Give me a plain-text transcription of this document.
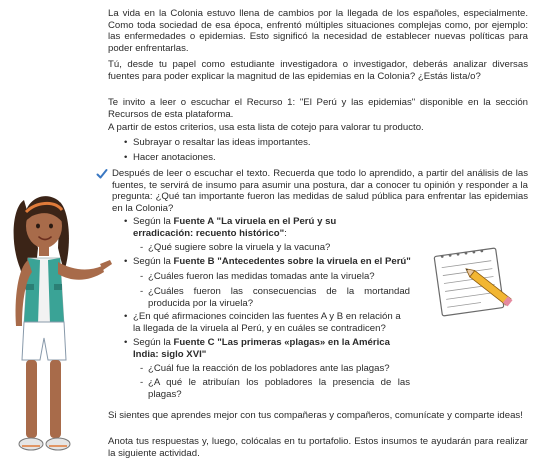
La vida en la Colonia estuvo llena de cambios por la llegada de los españoles, especialmente. Como toda sociedad de esa época, enfrentó múltiples situaciones complejas como, por ejemplo: las enfermedades o epidemias. Esto significó la necesidad de establecer nuevas políticas para poder enfrentarlas.

Tú, desde tu papel como estudiante investigadora o investigador, deberás analizar diversas fuentes para poder explicar la magnitud de las epidemias en la Colonia? ¿Estás lista/o?

Te invito a leer o escuchar el Recurso 1: "El Perú y las epidemias" disponible en la sección Recursos de esta plataforma.

A partir de estos criterios, usa esta lista de cotejo para valorar tu producto.

• Subrayar o resaltar las ideas importantes.

• Hacer anotaciones.

Después de leer o escuchar el texto. Recuerda que todo lo aprendido, a partir del análisis de las fuentes, te servirá de insumo para asumir una postura, dar a conocer tu opinión y responder a la pregunta: ¿Qué tan importante fueron las medidas de salud pública para enfrentar las epidemias en la Colonia?

• Según la Fuente A "La viruela en el Perú y su erradicación: recuento histórico":

- ¿Qué sugiere sobre la viruela y la vacuna?

• Según la Fuente B "Antecedentes sobre la viruela en el Perú"

- ¿Cuáles fueron las medidas tomadas ante la viruela?

- ¿Cuáles fueron las consecuencias de la mortandad producida por la viruela?

• ¿En qué afirmaciones coinciden las fuentes A y B en relación a la llegada de la viruela al Perú, y en cuáles se contradicen?

• Según la Fuente C "Las primeras «plagas» en la América India: siglo XVI"

- ¿Cuál fue la reacción de los pobladores ante las plagas?

- ¿A qué le atribuían los pobladores la presencia de las plagas?

Si sientes que aprendes mejor con tus compañeras y compañeros, comunícate y comparte ideas!

Anota tus respuestas y, luego, colócalas en tu portafolio. Estos insumos te ayudarán para realizar la siguiente actividad.
